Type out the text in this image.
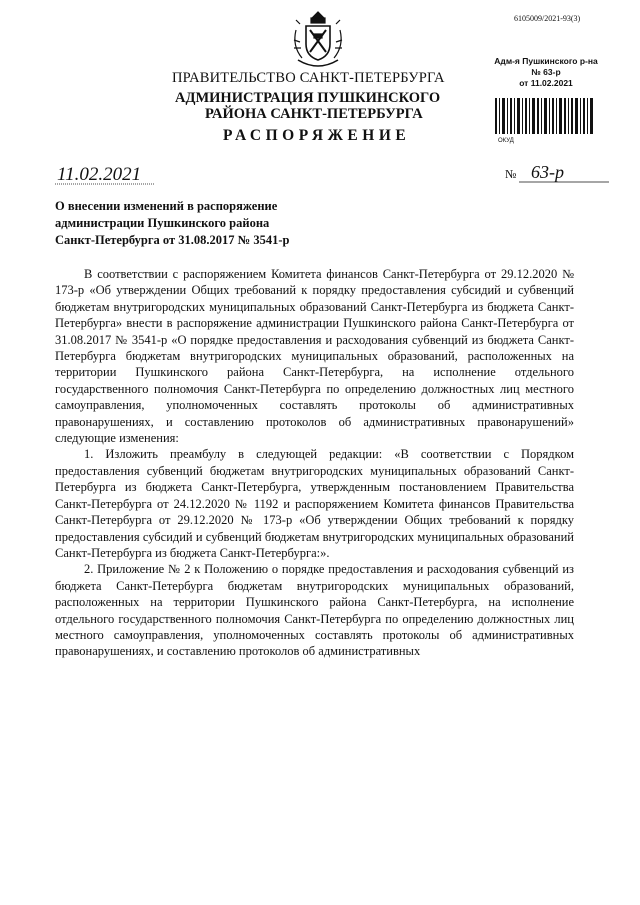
6105009/2021-93(3)
ПРАВИТЕЛЬСТВО САНКТ-ПЕТЕРБУРГА
АДМИНИСТРАЦИЯ ПУШКИНСКОГО
РАЙОНА САНКТ-ПЕТЕРБУРГА
РАСПОРЯЖЕНИЕ
Адм-я Пушкинского р-на
№ 63-р
от 11.02.2021
ОКУД
11.02.2021	№ 63-р
О внесении изменений в распоряжение
администрации Пушкинского района
Санкт-Петербурга от 31.08.2017 № 3541-р

В соответствии с распоряжением Комитета финансов Санкт-Петербурга от 29.12.2020 № 173-р «Об утверждении Общих требований к порядку предоставления субсидий и субвенций бюджетам внутригородских муниципальных образований Санкт-Петербурга из бюджета Санкт-Петербурга» внести в распоряжение администрации Пушкинского района Санкт-Петербурга от 31.08.2017 № 3541-р «О порядке предоставления и расходования субвенций из бюджета Санкт-Петербурга бюджетам внутригородских муниципальных образований, расположенных на территории Пушкинского района Санкт-Петербурга, на исполнение отдельного государственного полномочия Санкт-Петербурга по определению должностных лиц местного самоуправления, уполномоченных составлять протоколы об административных правонарушениях, и составлению протоколов об административных правонарушений» следующие изменения:

1. Изложить преамбулу в следующей редакции: «В соответствии с Порядком предоставления субвенций бюджетам внутригородских муниципальных образований Санкт-Петербурга из бюджета Санкт-Петербурга, утвержденным постановлением Правительства Санкт-Петербурга от 24.12.2020 № 1192 и распоряжением Комитета финансов Правительства Санкт-Петербурга от 29.12.2020 № 173-р «Об утверждении Общих требований к порядку предоставления субсидий и субвенций бюджетам внутригородских муниципальных образований Санкт-Петербурга из бюджета Санкт-Петербурга:».

2. Приложение № 2 к Положению о порядке предоставления и расходования субвенций из бюджета Санкт-Петербурга бюджетам внутригородских муниципальных образований, расположенных на территории Пушкинского района Санкт-Петербурга, на исполнение отдельного государственного полномочия Санкт-Петербурга по определению должностных лиц местного самоуправления, уполномоченных составлять протоколы об административных правонарушениях, и составлению протоколов об административных
